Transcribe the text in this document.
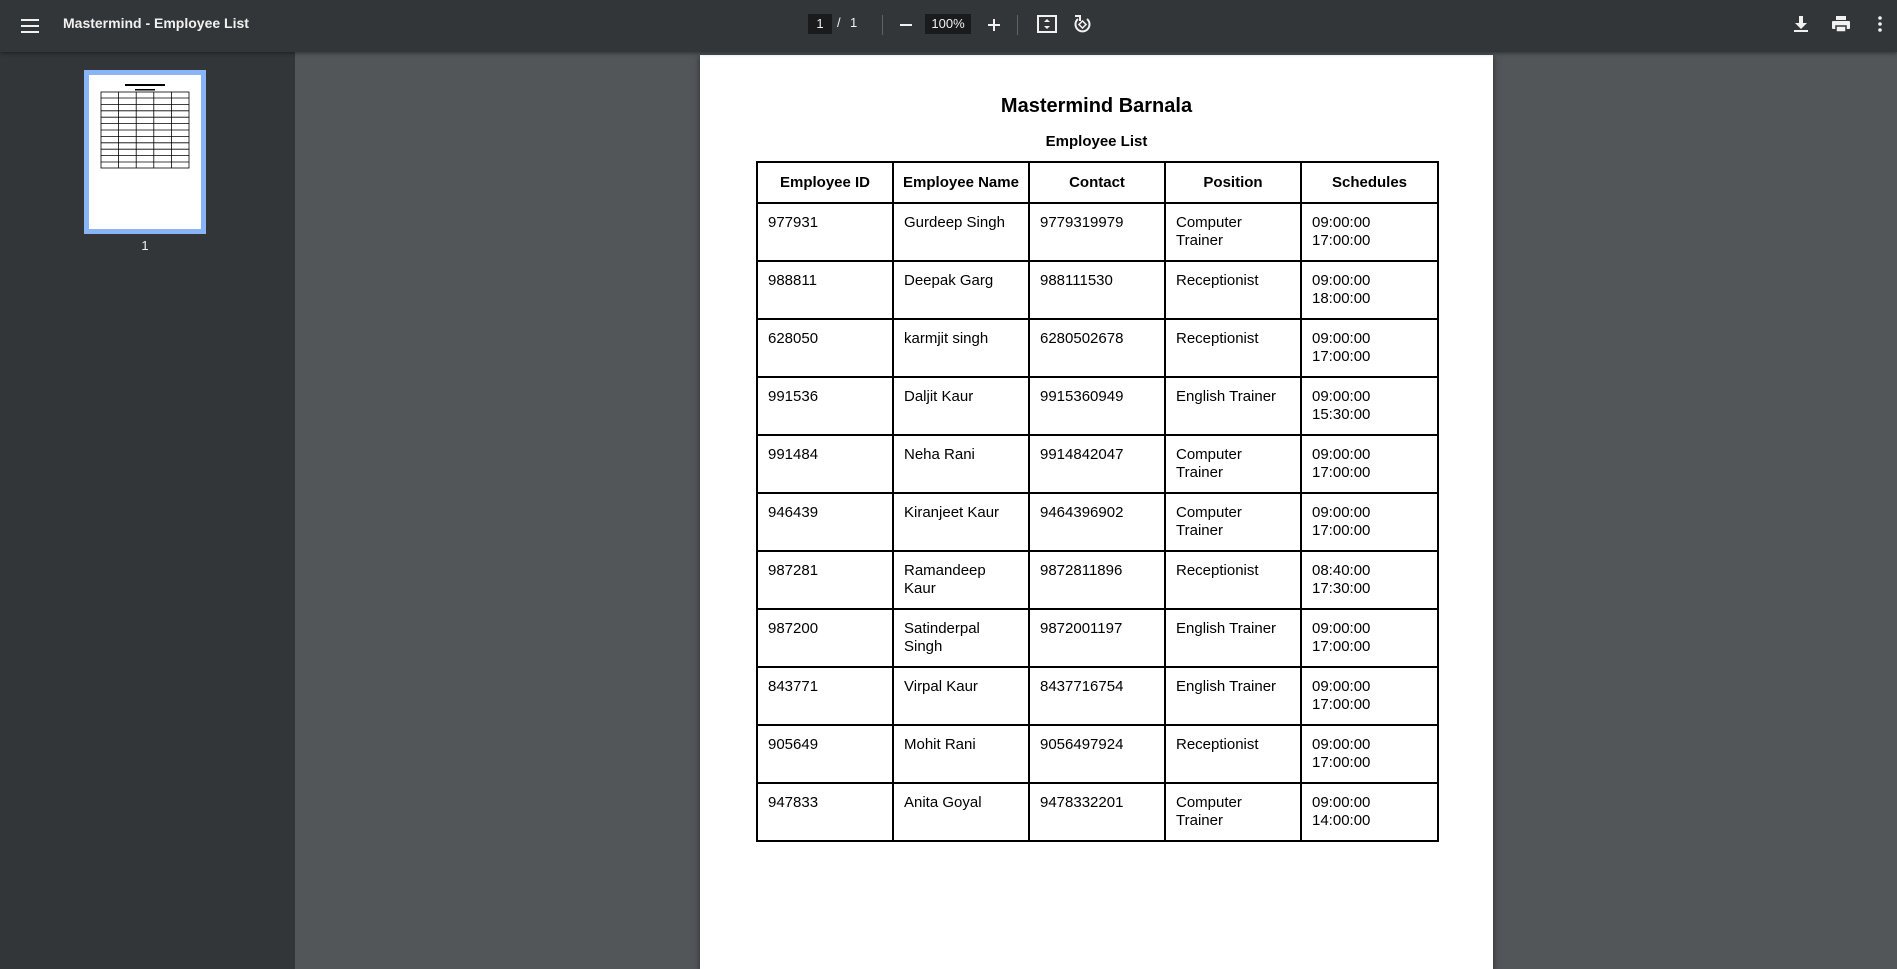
Mastermind - Employee List	1	/ 1	100%
1
Mastermind Barnala
Employee List
Employee ID	Employee Name	Contact	Position	Schedules
977931	Gurdeep Singh	9779319979	Computer Trainer	09:00:00
17:00:00

988811	Deepak Garg	988111530	Receptionist	09:00:00
18:00:00

628050	karmjit singh	6280502678	Receptionist	09:00:00
17:00:00

991536	Daljit Kaur	9915360949	English Trainer	09:00:00
15:30:00

991484	Neha Rani	9914842047	Computer Trainer	09:00:00
17:00:00

946439	Kiranjeet Kaur	9464396902	Computer Trainer	09:00:00
17:00:00

987281	Ramandeep Kaur	9872811896	Receptionist	08:40:00
17:30:00

987200	Satinderpal Singh	9872001197	English Trainer	09:00:00
17:00:00

843771	Virpal Kaur	8437716754	English Trainer	09:00:00
17:00:00

905649	Mohit Rani	9056497924	Receptionist	09:00:00
17:00:00

947833	Anita Goyal	9478332201	Computer Trainer	09:00:00
14:00:00
